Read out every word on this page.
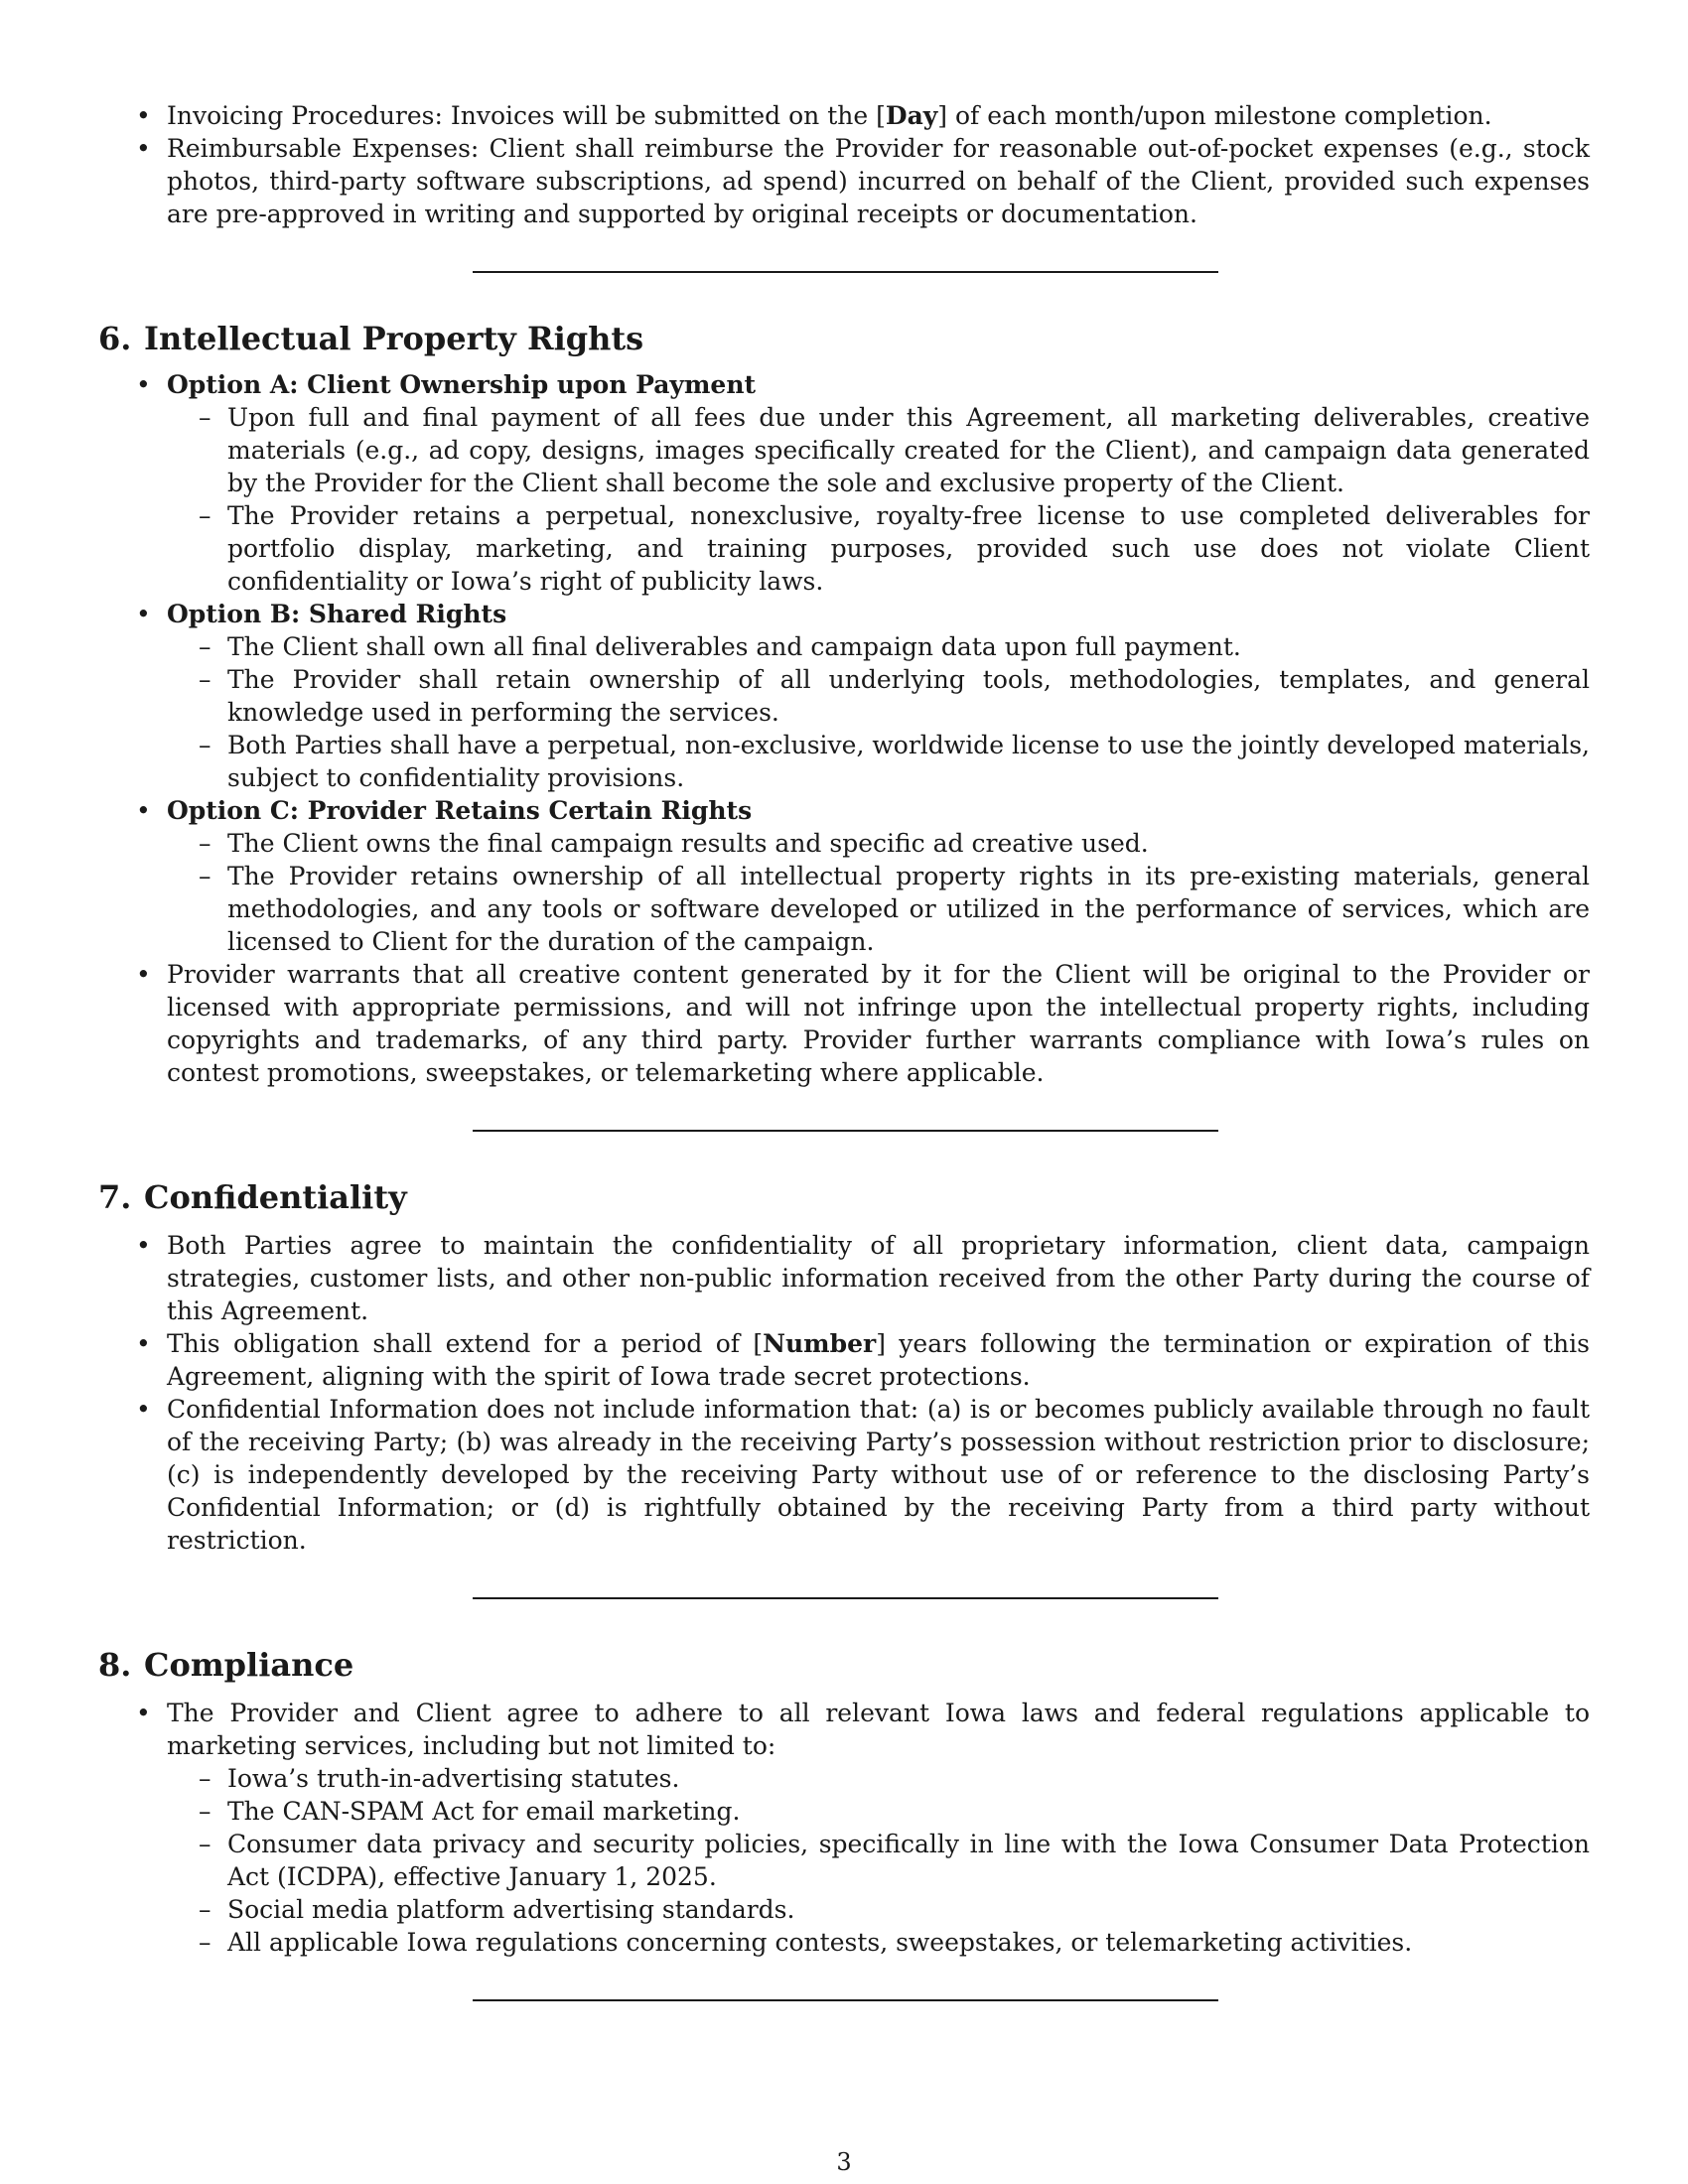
• Invoicing Procedures: Invoices will be submitted on the [Day] of each month/upon milestone completion.
• Reimbursable Expenses: Client shall reimburse the Provider for reasonable out-of-pocket expenses (e.g., stock photos, third-party software subscriptions, ad spend) incurred on behalf of the Client, provided such expenses are pre-approved in writing and supported by original receipts or documentation.
6. Intellectual Property Rights
• Option A: Client Ownership upon Payment
– Upon full and final payment of all fees due under this Agreement, all marketing deliverables, creative materials (e.g., ad copy, designs, images specifically created for the Client), and campaign data generated by the Provider for the Client shall become the sole and exclusive property of the Client.
– The Provider retains a perpetual, nonexclusive, royalty-free license to use completed deliverables for portfolio display, marketing, and training purposes, provided such use does not violate Client confidentiality or Iowa’s right of publicity laws.
• Option B: Shared Rights
– The Client shall own all final deliverables and campaign data upon full payment.
– The Provider shall retain ownership of all underlying tools, methodologies, templates, and general knowledge used in performing the services.
– Both Parties shall have a perpetual, non-exclusive, worldwide license to use the jointly developed materials, subject to confidentiality provisions.
• Option C: Provider Retains Certain Rights
– The Client owns the final campaign results and specific ad creative used.
– The Provider retains ownership of all intellectual property rights in its pre-existing materials, general methodologies, and any tools or software developed or utilized in the performance of services, which are licensed to Client for the duration of the campaign.
• Provider warrants that all creative content generated by it for the Client will be original to the Provider or licensed with appropriate permissions, and will not infringe upon the intellectual property rights, including copyrights and trademarks, of any third party. Provider further warrants compliance with Iowa’s rules on contest promotions, sweepstakes, or telemarketing where applicable.
7. Confidentiality
• Both Parties agree to maintain the confidentiality of all proprietary information, client data, campaign strategies, customer lists, and other non-public information received from the other Party during the course of this Agreement.
• This obligation shall extend for a period of [Number] years following the termination or expiration of this Agreement, aligning with the spirit of Iowa trade secret protections.
• Confidential Information does not include information that: (a) is or becomes publicly available through no fault of the receiving Party; (b) was already in the receiving Party’s possession without restriction prior to disclosure; (c) is independently developed by the receiving Party without use of or reference to the disclosing Party’s Confidential Information; or (d) is rightfully obtained by the receiving Party from a third party without restriction.
8. Compliance
• The Provider and Client agree to adhere to all relevant Iowa laws and federal regulations applicable to marketing services, including but not limited to:
– Iowa’s truth-in-advertising statutes.
– The CAN-SPAM Act for email marketing.
– Consumer data privacy and security policies, specifically in line with the Iowa Consumer Data Protection Act (ICDPA), effective January 1, 2025.
– Social media platform advertising standards.
– All applicable Iowa regulations concerning contests, sweepstakes, or telemarketing activities.
3
